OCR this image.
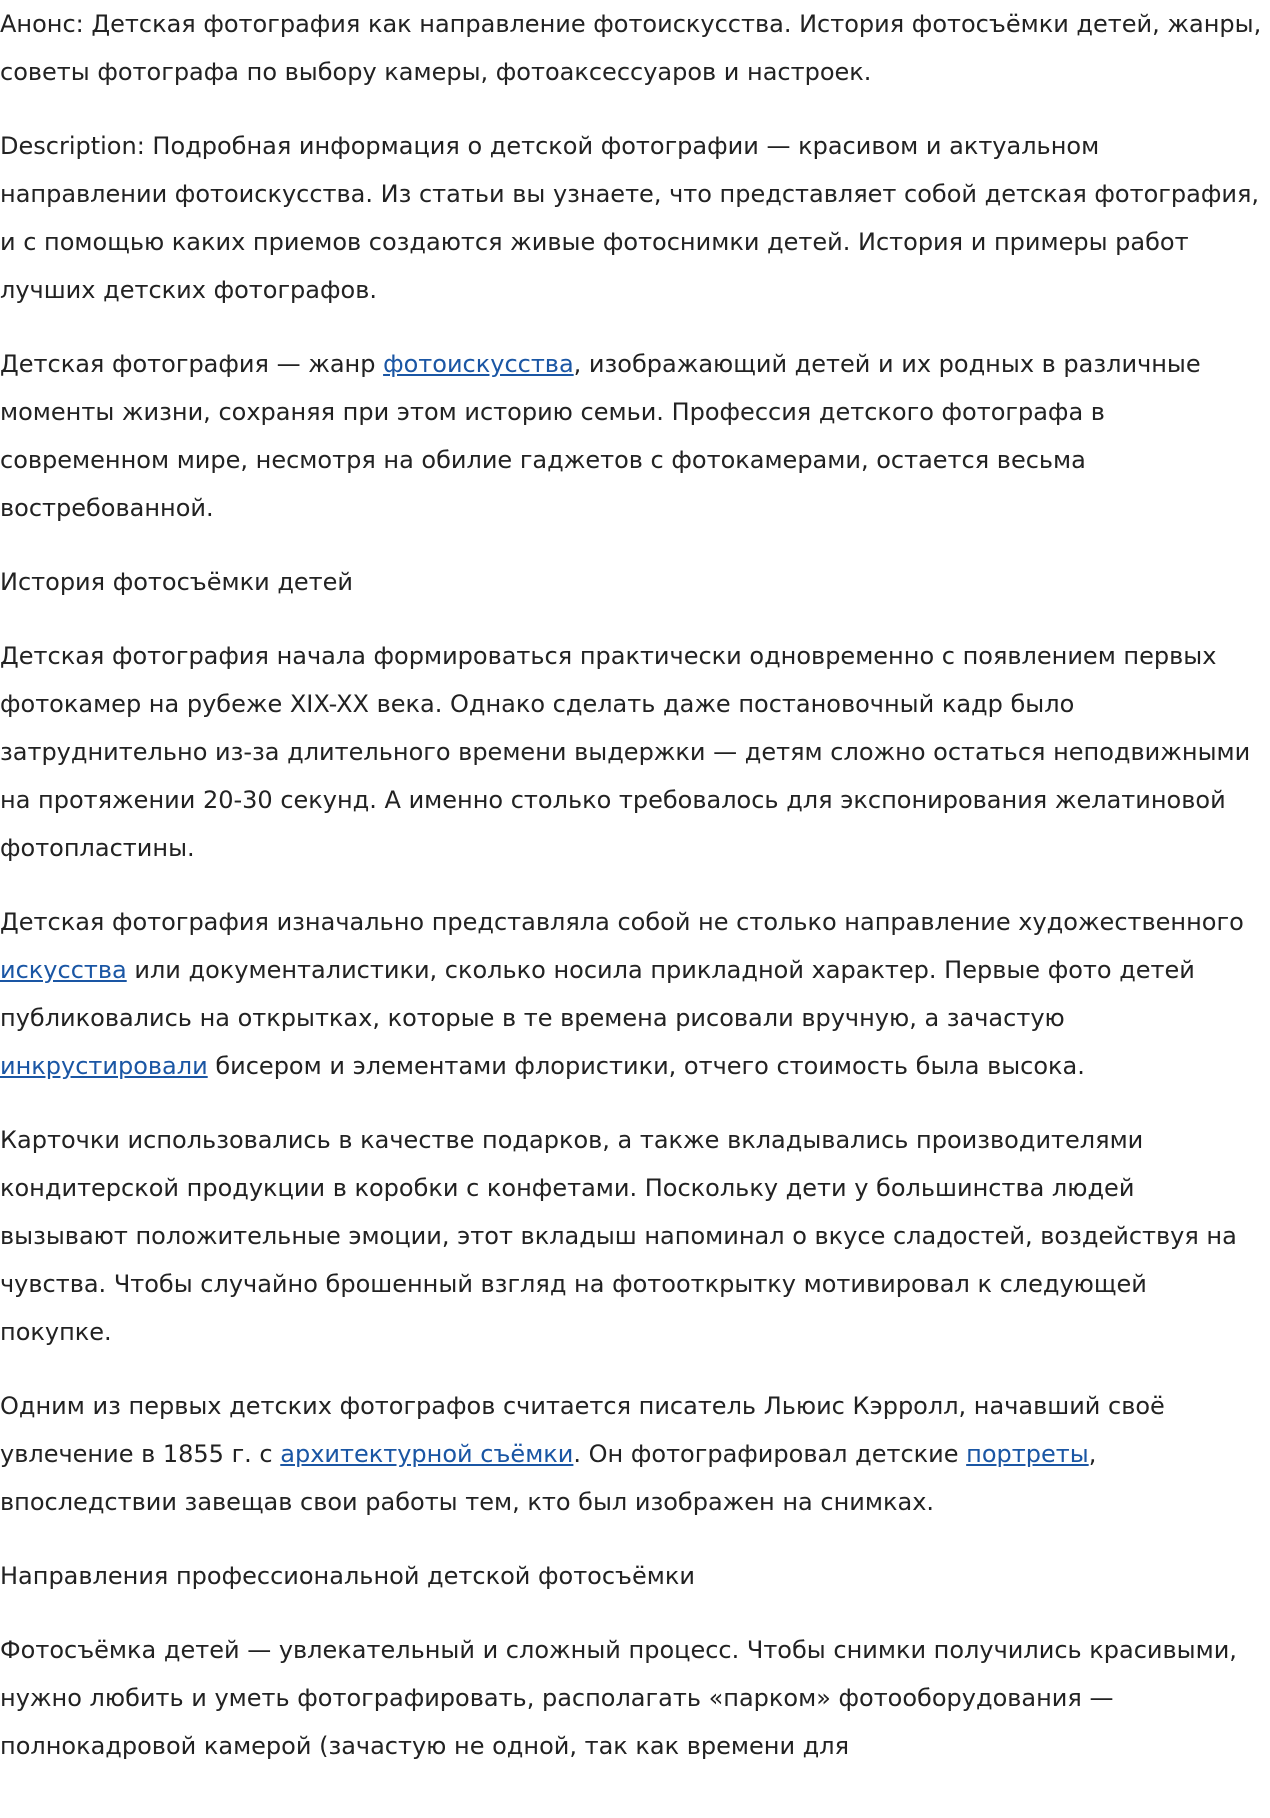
Анонс: Детская фотография как направление фотоискусства. История фотосъёмки детей, жанры, советы фотографа по выбору камеры, фотоаксессуаров и настроек.

Description: Подробная информация о детской фотографии — красивом и актуальном направлении фотоискусства. Из статьи вы узнаете, что представляет собой детская фотография, и с помощью каких приемов создаются живые фотоснимки детей. История и примеры работ лучших детских фотографов.

Детская фотография — жанр фотоискусства, изображающий детей и их родных в различные моменты жизни, сохраняя при этом историю семьи. Профессия детского фотографа в современном мире, несмотря на обилие гаджетов с фотокамерами, остается весьма востребованной.

История фотосъёмки детей

Детская фотография начала формироваться практически одновременно с появлением первых фотокамер на рубеже XIX-XX века. Однако сделать даже постановочный кадр было затруднительно из-за длительного времени выдержки — детям сложно остаться неподвижными на протяжении 20-30 секунд. А именно столько требовалось для экспонирования желатиновой фотопластины.

Детская фотография изначально представляла собой не столько направление художественного искусства или документалистики, сколько носила прикладной характер. Первые фото детей публиковались на открытках, которые в те времена рисовали вручную, а зачастую инкрустировали бисером и элементами флористики, отчего стоимость была высока.

Карточки использовались в качестве подарков, а также вкладывались производителями кондитерской продукции в коробки с конфетами. Поскольку дети у большинства людей вызывают положительные эмоции, этот вкладыш напоминал о вкусе сладостей, воздействуя на чувства. Чтобы случайно брошенный взгляд на фотооткрытку мотивировал к следующей покупке.

Одним из первых детских фотографов считается писатель Льюис Кэрролл, начавший своё увлечение в 1855 г. с архитектурной съёмки. Он фотографировал детские портреты, впоследствии завещав свои работы тем, кто был изображен на снимках.

Направления профессиональной детской фотосъёмки

Фотосъёмка детей — увлекательный и сложный процесс. Чтобы снимки получились красивыми, нужно любить и уметь фотографировать, располагать «парком» фотооборудования — полнокадровой камерой (зачастую не одной, так как времени для
